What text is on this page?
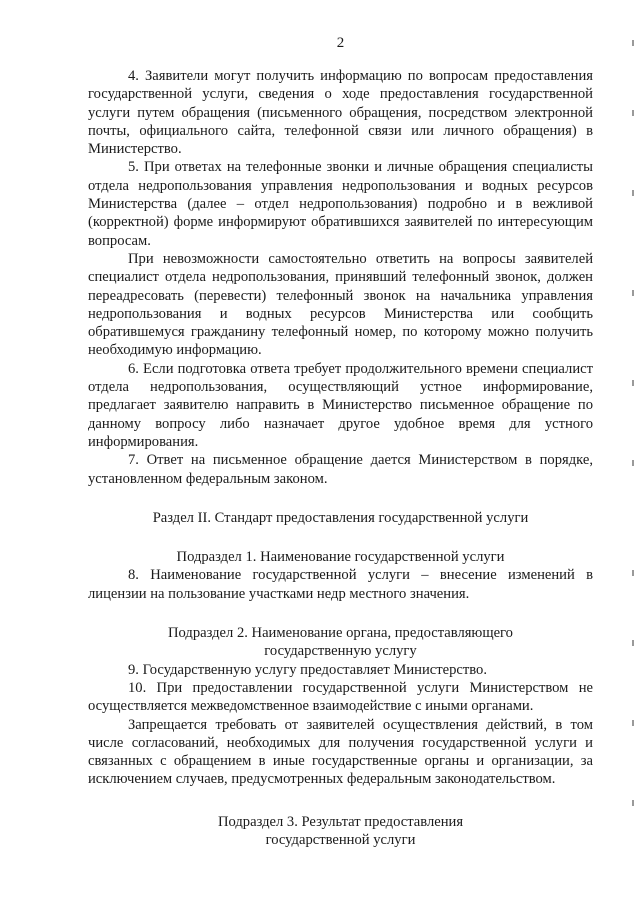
2

4. Заявители могут получить информацию по вопросам предоставления государственной услуги, сведения о ходе предоставления государственной услуги путем обращения (письменного обращения, посредством электронной почты, официального сайта, телефонной связи или личного обращения) в Министерство.

5. При ответах на телефонные звонки и личные обращения специалисты отдела недропользования управления недропользования и водных ресурсов Министерства (далее – отдел недропользования) подробно и в вежливой (корректной) форме информируют обратившихся заявителей по интересующим вопросам.

При невозможности самостоятельно ответить на вопросы заявителей специалист отдела недропользования, принявший телефонный звонок, должен переадресовать (перевести) телефонный звонок на начальника управления недропользования и водных ресурсов Министерства или сообщить обратившемуся гражданину телефонный номер, по которому можно получить необходимую информацию.

6. Если подготовка ответа требует продолжительного времени специалист отдела недропользования, осуществляющий устное информирование, предлагает заявителю направить в Министерство письменное обращение по данному вопросу либо назначает другое удобное время для устного информирования.

7. Ответ на письменное обращение дается Министерством в порядке, установленном федеральным законом.

Раздел II. Стандарт предоставления государственной услуги

Подраздел 1. Наименование государственной услуги

8. Наименование государственной услуги – внесение изменений в лицензии на пользование участками недр местного значения.

Подраздел 2. Наименование органа, предоставляющего
государственную услугу

9. Государственную услугу предоставляет Министерство.

10. При предоставлении государственной услуги Министерством не осуществляется межведомственное взаимодействие с иными органами.

Запрещается требовать от заявителей осуществления действий, в том числе согласований, необходимых для получения государственной услуги и связанных с обращением в иные государственные органы и организации, за исключением случаев, предусмотренных федеральным законодательством.

Подраздел 3. Результат предоставления
государственной услуги
